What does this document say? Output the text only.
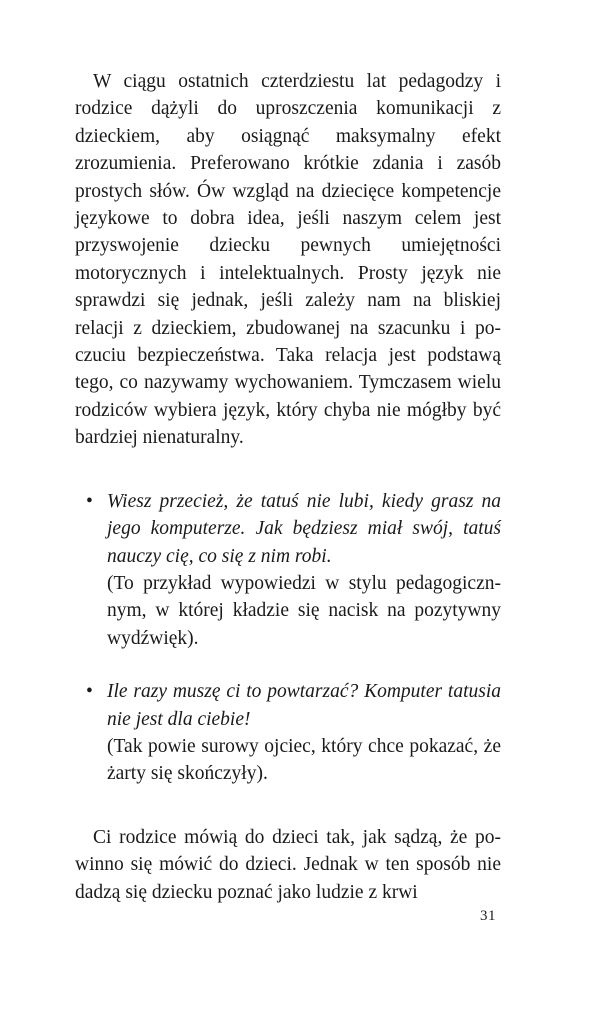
W ciągu ostatnich czterdziestu lat pedagodzy i rodzice dążyli do uproszczenia komunikacji z dzieckiem, aby osiągnąć maksymalny efekt zrozumienia. Preferowano krótkie zdania i zasób prostych słów. Ów wzgląd na dziecięce kompetencje językowe to dobra idea, jeśli naszym celem jest przyswojenie dziecku pewnych umiejętności motorycznych i intelektualnych. Prosty język nie sprawdzi się jednak, jeśli zależy nam na bliskiej relacji z dzieckiem, zbudowanej na szacunku i poczuciu bezpieczeństwa. Taka relacja jest podstawą tego, co nazywamy wychowaniem. Tymczasem wielu rodziców wybiera język, który chyba nie mógłby być bardziej nienaturalny.

• Wiesz przecież, że tatuś nie lubi, kiedy grasz na jego komputerze. Jak będziesz miał swój, tatuś nauczy cię, co się z nim robi.
(To przykład wypowiedzi w stylu pedagogicznnym, w której kładzie się nacisk na pozytywny wydźwięk).
• Ile razy muszę ci to powtarzać? Komputer tatusia nie jest dla ciebie!
(Tak powie surowy ojciec, który chce pokazać, że żarty się skończyły).

Ci rodzice mówią do dzieci tak, jak sądzą, że powinno się mówić do dzieci. Jednak w ten sposób nie dadzą się dziecku poznać jako ludzie z krwi

31
